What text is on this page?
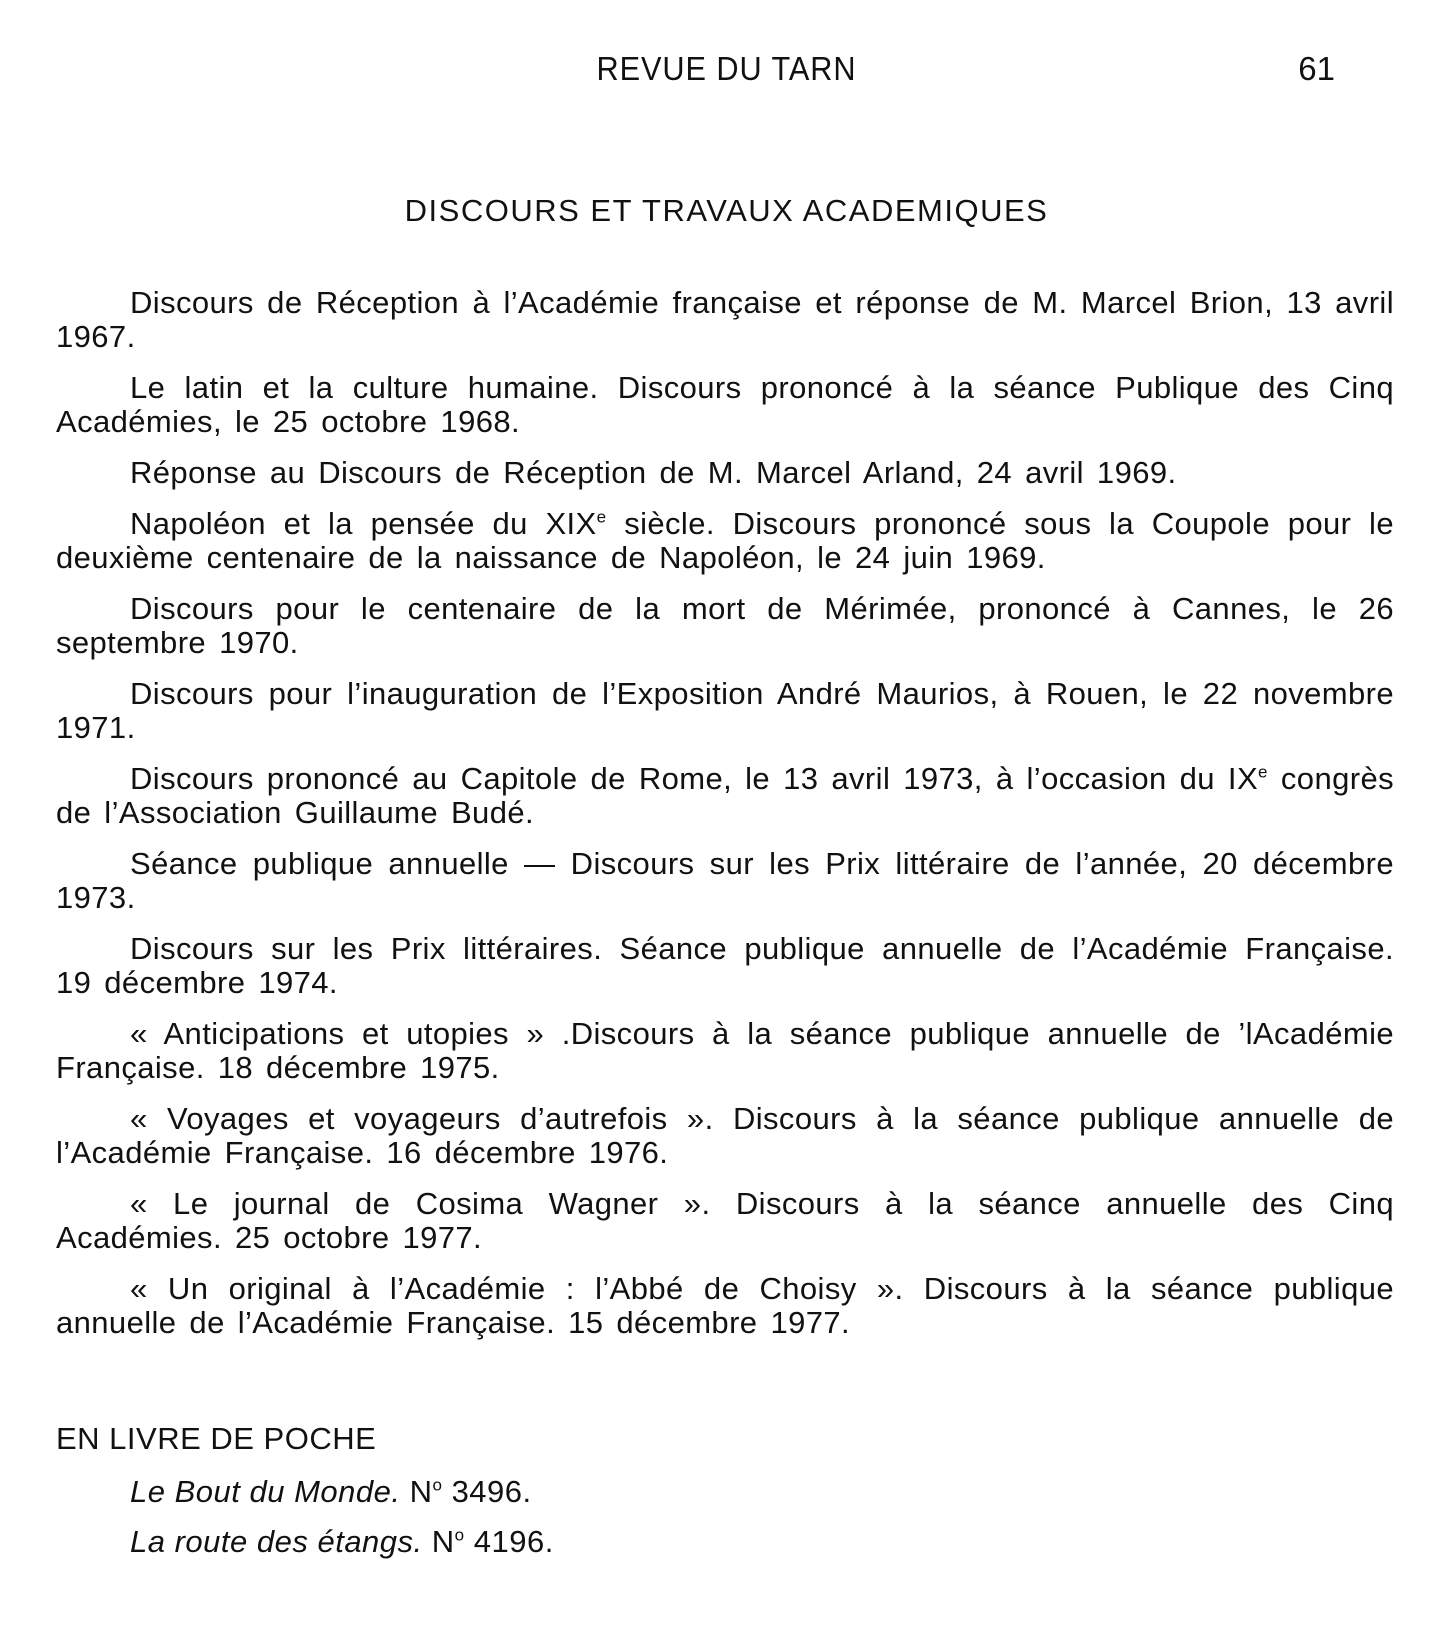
REVUE DU TARN	61
DISCOURS ET TRAVAUX ACADEMIQUES

Discours de Réception à l’Académie française et réponse de M. Marcel Brion, 13 avril 1967.

Le latin et la culture humaine. Discours prononcé à la séance Publique des Cinq Académies, le 25 octobre 1968.

Réponse au Discours de Réception de M. Marcel Arland, 24 avril 1969.

Napoléon et la pensée du XIXe siècle. Discours prononcé sous la Coupole pour le deuxième centenaire de la naissance de Napoléon, le 24 juin 1969.

Discours pour le centenaire de la mort de Mérimée, prononcé à Cannes, le 26 septembre 1970.

Discours pour l’inauguration de l’Exposition André Maurios, à Rouen, le 22 novembre 1971.

Discours prononcé au Capitole de Rome, le 13 avril 1973, à l’occasion du IXe congrès de l’Association Guillaume Budé.

Séance publique annuelle — Discours sur les Prix littéraire de l’année, 20 décembre 1973.

Discours sur les Prix littéraires. Séance publique annuelle de l’Académie Française. 19 décembre 1974.

« Anticipations et utopies » .Discours à la séance publique annuelle de ’lAcadémie Française. 18 décembre 1975.

« Voyages et voyageurs d’autrefois ». Discours à la séance publique annuelle de l’Académie Française. 16 décembre 1976.

« Le journal de Cosima Wagner ». Discours à la séance annuelle des Cinq Académies. 25 octobre 1977.

« Un original à l’Académie : l’Abbé de Choisy ». Discours à la séance publique annuelle de l’Académie Française. 15 décembre 1977.

EN LIVRE DE POCHE
Le Bout du Monde. $N^o$ 3496.
La route des étangs. $N^o$ 4196.
